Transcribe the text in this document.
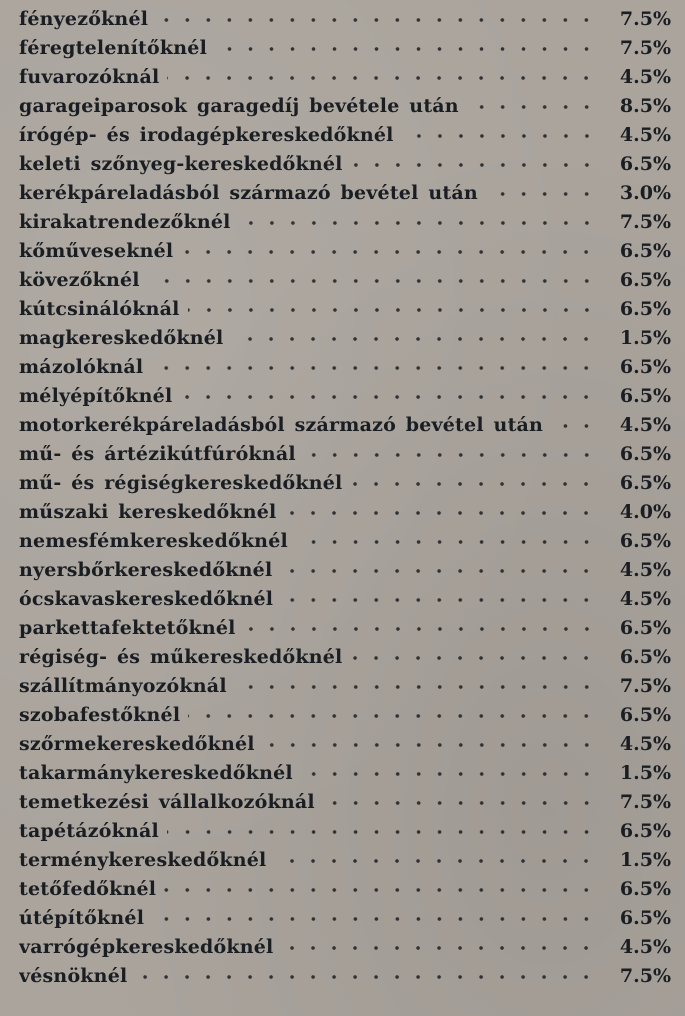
fényezőknél	7.5%
féregtelenítőknél	7.5%
fuvarozóknál	4.5%
garageiparosok garagedíj bevétele után	8.5%
írógép- és irodagépkereskedőknél	4.5%
keleti szőnyeg-kereskedőknél	6.5%
kerékpáreladásból származó bevétel után	3.0%
kirakatrendezőknél	7.5%
kőműveseknél	6.5%
kövezőknél	6.5%
kútcsinálóknál	6.5%
magkereskedőknél	1.5%
mázolóknál	6.5%
mélyépítőknél	6.5%
motorkerékpáreladásból származó bevétel után	4.5%
mű- és ártézikútfúróknál	6.5%
mű- és régiségkereskedőknél	6.5%
műszaki kereskedőknél	4.0%
nemesfémkereskedőknél	6.5%
nyersbőrkereskedőknél	4.5%
ócskavaskereskedőknél	4.5%
parkettafektetőknél	6.5%
régiség- és műkereskedőknél	6.5%
szállítmányozóknál	7.5%
szobafestőknél	6.5%
szőrmekereskedőknél	4.5%
takarmánykereskedőknél	1.5%
temetkezési vállalkozóknál	7.5%
tapétázóknál	6.5%
terménykereskedőknél	1.5%
tetőfedőknél	6.5%
útépítőknél	6.5%
varrógépkereskedőknél	4.5%
vésnöknél	7.5%
